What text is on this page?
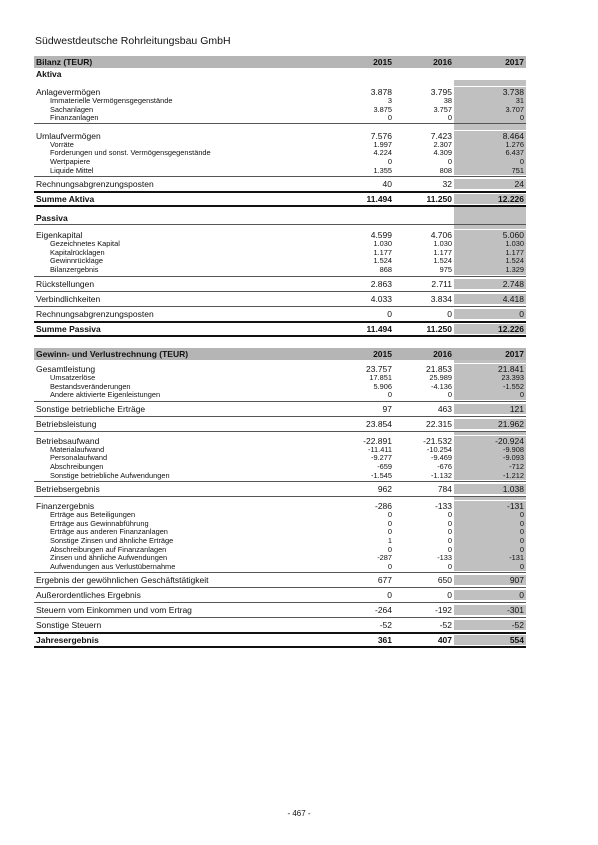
Südwestdeutsche Rohrleitungsbau GmbH
Bilanz (TEUR)	2015	2016	2017
Aktiva
Anlagevermögen	3.878	3.795	3.738
Immaterielle Vermögensgegenstände	3	38	31
Sachanlagen	3.875	3.757	3.707
Finanzanlagen	0	0	0
Umlaufvermögen	7.576	7.423	8.464
Vorräte	1.997	2.307	1.276
Forderungen und sonst. Vermögensgegenstände	4.224	4.309	6.437
Wertpapiere	0	0	0
Liquide Mittel	1.355	808	751
Rechnungsabgrenzungsposten	40	32	24
Summe Aktiva	11.494	11.250	12.226
Passiva
Eigenkapital	4.599	4.706	5.060
Gezeichnetes Kapital	1.030	1.030	1.030
Kapitalrücklagen	1.177	1.177	1.177
Gewinnrücklage	1.524	1.524	1.524
Bilanzergebnis	868	975	1.329
Rückstellungen	2.863	2.711	2.748
Verbindlichkeiten	4.033	3.834	4.418
Rechnungsabgrenzungsposten	0	0	0
Summe Passiva	11.494	11.250	12.226
Gewinn- und Verlustrechnung (TEUR)	2015	2016	2017
Gesamtleistung	23.757	21.853	21.841
Umsatzerlöse	17.851	25.989	23.393
Bestandsveränderungen	5.906	-4.136	-1.552
Andere aktivierte Eigenleistungen	0	0	0
Sonstige betriebliche Erträge	97	463	121
Betriebsleistung	23.854	22.315	21.962
Betriebsaufwand	-22.891	-21.532	-20.924
Materialaufwand	-11.411	-10.254	-9.908
Personalaufwand	-9.277	-9.469	-9.093
Abschreibungen	-659	-676	-712
Sonstige betriebliche Aufwendungen	-1.545	-1.132	-1.212
Betriebsergebnis	962	784	1.038
Finanzergebnis	-286	-133	-131
Erträge aus Beteiligungen	0	0	0
Erträge aus Gewinnabführung	0	0	0
Erträge aus anderen Finanzanlagen	0	0	0
Sonstige Zinsen und ähnliche Erträge	1	0	0
Abschreibungen auf Finanzanlagen	0	0	0
Zinsen und ähnliche Aufwendungen	-287	-133	-131
Aufwendungen aus Verlustübernahme	0	0	0
Ergebnis der gewöhnlichen Geschäftstätigkeit	677	650	907
Außerordentliches Ergebnis	0	0	0
Steuern vom Einkommen und vom Ertrag	-264	-192	-301
Sonstige Steuern	-52	-52	-52
Jahresergebnis	361	407	554
- 467 -
